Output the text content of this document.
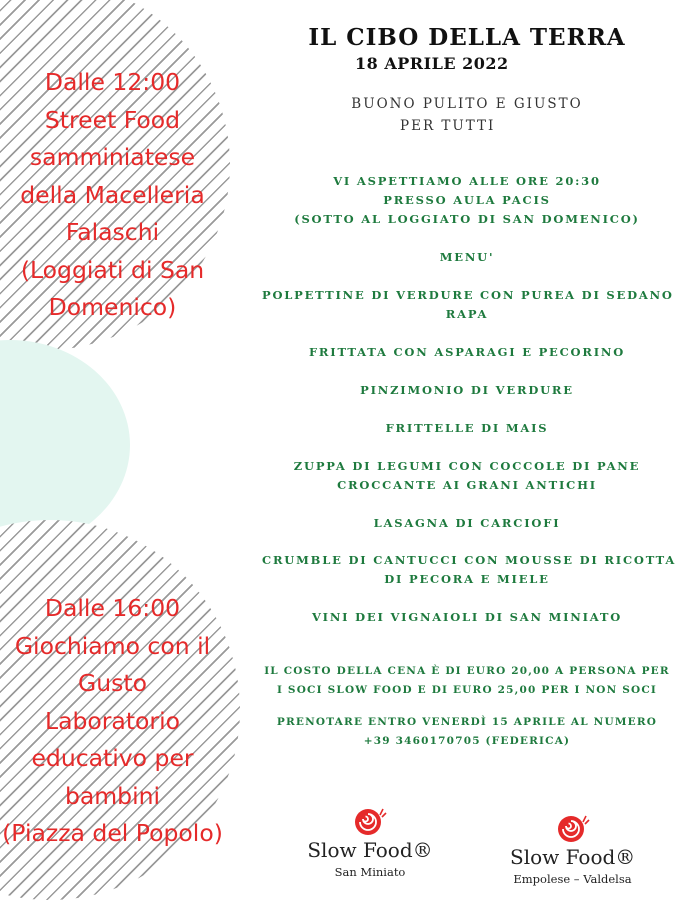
Dalle 12:00
Street Food
samminiatese
della Macelleria
Falaschi
(Loggiati di San
Domenico)
Dalle 16:00
Giochiamo con il
Gusto
Laboratorio
educativo per
bambini
(Piazza del Popolo)
IL CIBO DELLA TERRA
18 APRILE 2022
BUONO PULITO E GIUSTO
PER TUTTI
VI ASPETTIAMO ALLE ORE 20:30
PRESSO AULA PACIS
(SOTTO AL LOGGIATO DI SAN DOMENICO)
MENU'
POLPETTINE DI VERDURE CON PUREA DI SEDANO
RAPA
FRITTATA CON ASPARAGI E PECORINO
PINZIMONIO DI VERDURE
FRITTELLE DI MAIS
ZUPPA DI LEGUMI CON COCCOLE DI PANE
CROCCANTE AI GRANI ANTICHI
LASAGNA DI CARCIOFI
CRUMBLE DI CANTUCCI CON MOUSSE DI RICOTTA
DI PECORA E MIELE
VINI DEI VIGNAIOLI DI SAN MINIATO
IL COSTO DELLA CENA È DI EURO 20,00 A PERSONA PER
I SOCI SLOW FOOD E DI EURO 25,00 PER I NON SOCI
PRENOTARE ENTRO VENERDÌ 15 APRILE AL NUMERO
+39 3460170705 (FEDERICA)
Slow Food®
San Miniato
Slow Food®
Empolese – Valdelsa
